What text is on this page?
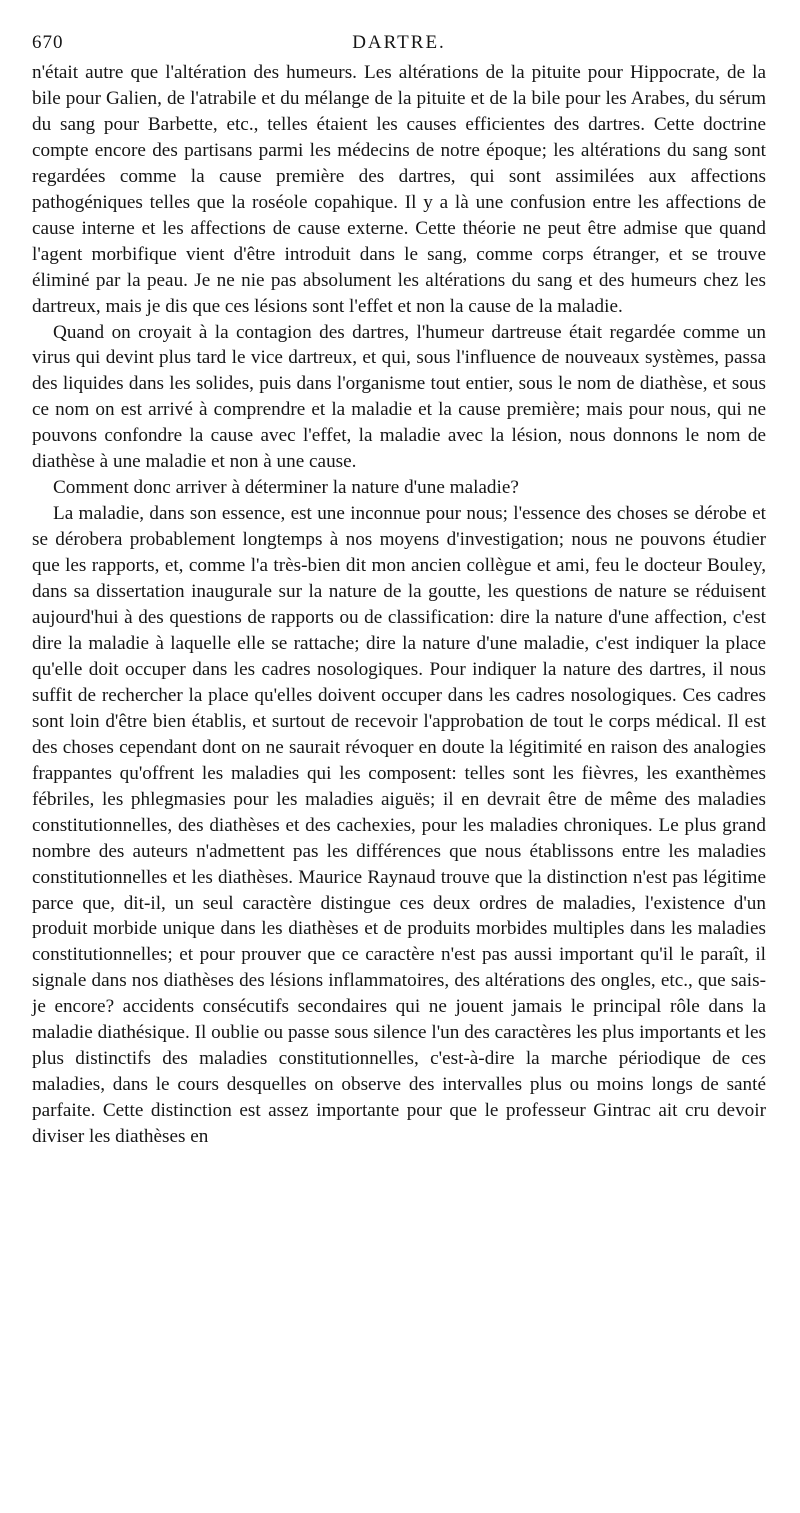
670	DARTRE.

n'était autre que l'altération des humeurs. Les altérations de la pituite pour Hippocrate, de la bile pour Galien, de l'atrabile et du mélange de la pituite et de la bile pour les Arabes, du sérum du sang pour Barbette, etc., telles étaient les causes efficientes des dartres. Cette doctrine compte encore des partisans parmi les médecins de notre époque; les altérations du sang sont regardées comme la cause première des dartres, qui sont assimilées aux affections pathogéniques telles que la roséole copahique. Il y a là une confusion entre les affections de cause interne et les affections de cause externe. Cette théorie ne peut être admise que quand l'agent morbifique vient d'être introduit dans le sang, comme corps étranger, et se trouve éliminé par la peau. Je ne nie pas absolument les altérations du sang et des humeurs chez les dartreux, mais je dis que ces lésions sont l'effet et non la cause de la maladie.

Quand on croyait à la contagion des dartres, l'humeur dartreuse était regardée comme un virus qui devint plus tard le vice dartreux, et qui, sous l'influence de nouveaux systèmes, passa des liquides dans les solides, puis dans l'organisme tout entier, sous le nom de diathèse, et sous ce nom on est arrivé à comprendre et la maladie et la cause première; mais pour nous, qui ne pouvons confondre la cause avec l'effet, la maladie avec la lésion, nous donnons le nom de diathèse à une maladie et non à une cause.

Comment donc arriver à déterminer la nature d'une maladie?

La maladie, dans son essence, est une inconnue pour nous; l'essence des choses se dérobe et se dérobera probablement longtemps à nos moyens d'investigation; nous ne pouvons étudier que les rapports, et, comme l'a très-bien dit mon ancien collègue et ami, feu le docteur Bouley, dans sa dissertation inaugurale sur la nature de la goutte, les questions de nature se réduisent aujourd'hui à des questions de rapports ou de classification: dire la nature d'une affection, c'est dire la maladie à laquelle elle se rattache; dire la nature d'une maladie, c'est indiquer la place qu'elle doit occuper dans les cadres nosologiques. Pour indiquer la nature des dartres, il nous suffit de rechercher la place qu'elles doivent occuper dans les cadres nosologiques. Ces cadres sont loin d'être bien établis, et surtout de recevoir l'approbation de tout le corps médical. Il est des choses cependant dont on ne saurait révoquer en doute la légitimité en raison des analogies frappantes qu'offrent les maladies qui les composent: telles sont les fièvres, les exanthèmes fébriles, les phlegmasies pour les maladies aiguës; il en devrait être de même des maladies constitutionnelles, des diathèses et des cachexies, pour les maladies chroniques. Le plus grand nombre des auteurs n'admettent pas les différences que nous établissons entre les maladies constitutionnelles et les diathèses. Maurice Raynaud trouve que la distinction n'est pas légitime parce que, dit-il, un seul caractère distingue ces deux ordres de maladies, l'existence d'un produit morbide unique dans les diathèses et de produits morbides multiples dans les maladies constitutionnelles; et pour prouver que ce caractère n'est pas aussi important qu'il le paraît, il signale dans nos diathèses des lésions inflammatoires, des altérations des ongles, etc., que sais-je encore? accidents consécutifs secondaires qui ne jouent jamais le principal rôle dans la maladie diathésique. Il oublie ou passe sous silence l'un des caractères les plus importants et les plus distinctifs des maladies constitutionnelles, c'est-à-dire la marche périodique de ces maladies, dans le cours desquelles on observe des intervalles plus ou moins longs de santé parfaite. Cette distinction est assez importante pour que le professeur Gintrac ait cru devoir diviser les diathèses en
